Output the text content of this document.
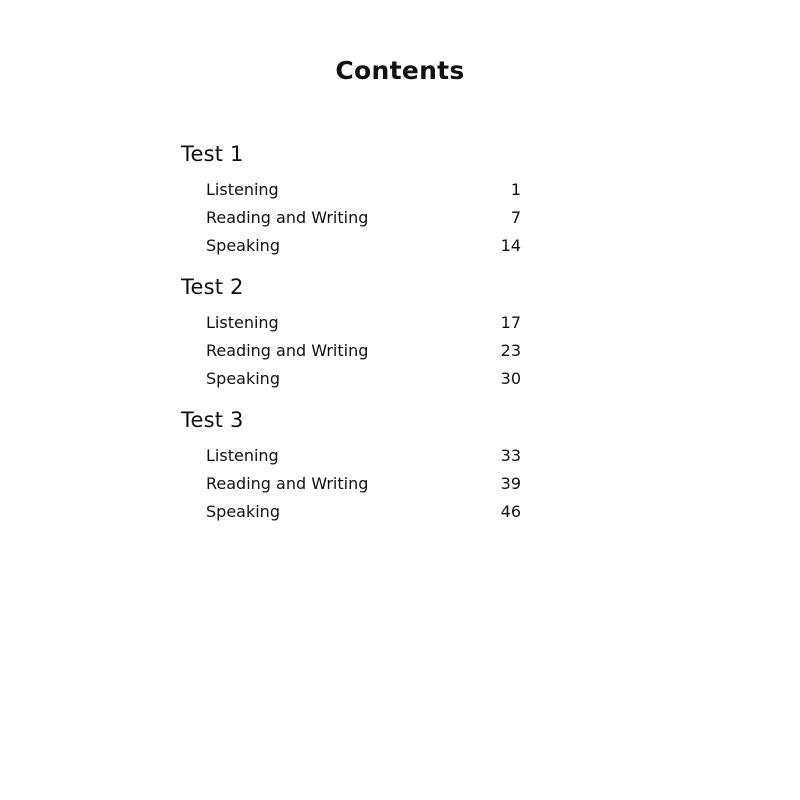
Contents
Test 1
Listening	1
Reading and Writing	7
Speaking	14
Test 2
Listening	17
Reading and Writing	23
Speaking	30
Test 3
Listening	33
Reading and Writing	39
Speaking	46
